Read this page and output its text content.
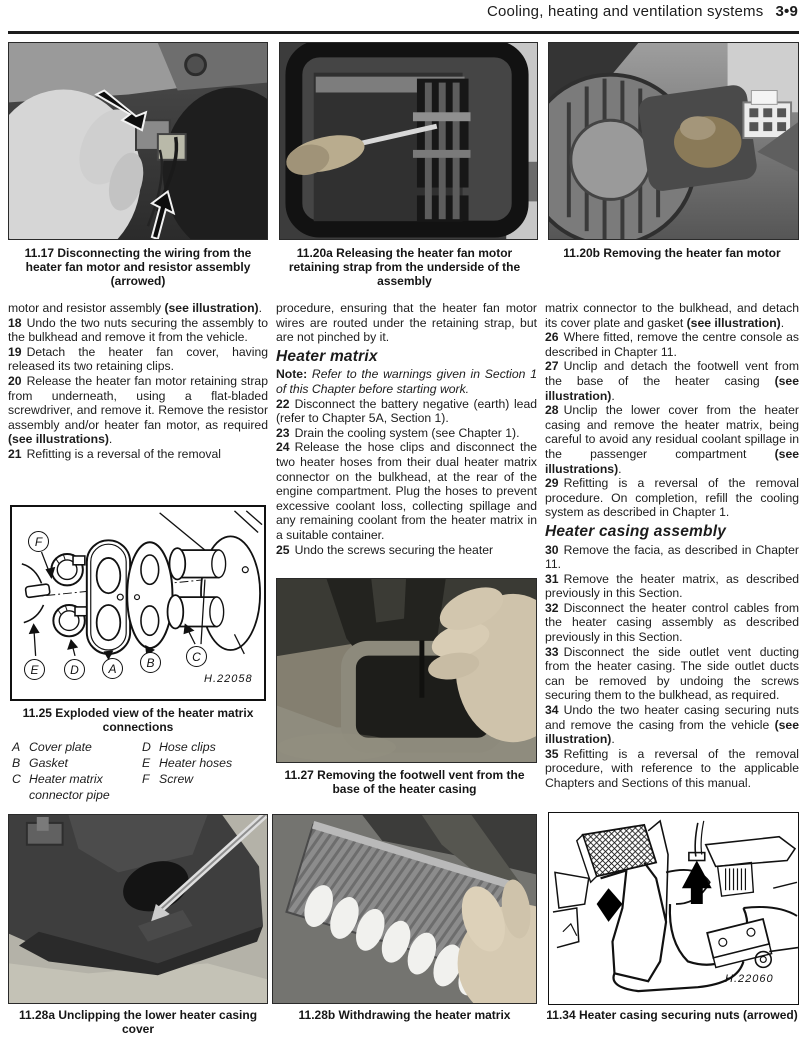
Cooling, heating and ventilation systems 3•9
11.17 Disconnecting the wiring from the heater fan motor and resistor assembly (arrowed)
11.20a Releasing the heater fan motor retaining strap from the underside of the assembly
11.20b Removing the heater fan motor

motor and resistor assembly (see illustration).

18 Undo the two nuts securing the assembly to the bulkhead and remove it from the vehicle.

19 Detach the heater fan cover, having released its two retaining clips.

20 Release the heater fan motor retaining strap from underneath, using a flat-bladed screwdriver, and remove it. Remove the resistor assembly and/or heater fan motor, as required (see illustrations).

21 Refitting is a reversal of the removal

F
E	D	A	B	C
H.22058
11.25 Exploded view of the heater matrix connections
A Cover plate
B Gasket
C Heater matrix connector pipe
D Hose clips
E Heater hoses
F Screw

procedure, ensuring that the heater fan motor wires are routed under the retaining strap, but are not pinched by it.

Heater matrix

Note: Refer to the warnings given in Section 1 of this Chapter before starting work.

22 Disconnect the battery negative (earth) lead (refer to Chapter 5A, Section 1).

23 Drain the cooling system (see Chapter 1).

24 Release the hose clips and disconnect the two heater hoses from their dual heater matrix connector on the bulkhead, at the rear of the engine compartment. Plug the hoses to prevent excessive coolant loss, collecting spillage and any remaining coolant from the heater matrix in a suitable container.

25 Undo the screws securing the heater

11.27 Removing the footwell vent from the base of the heater casing

matrix connector to the bulkhead, and detach its cover plate and gasket (see illustration).

26 Where fitted, remove the centre console as described in Chapter 11.

27 Unclip and detach the footwell vent from the base of the heater casing (see illustration).

28 Unclip the lower cover from the heater casing and remove the heater matrix, being careful to avoid any residual coolant spillage in the passenger compartment (see illustrations).

29 Refitting is a reversal of the removal procedure. On completion, refill the cooling system as described in Chapter 1.

Heater casing assembly

30 Remove the facia, as described in Chapter 11.

31 Remove the heater matrix, as described previously in this Section.

32 Disconnect the heater control cables from the heater casing assembly as described previously in this Section.

33 Disconnect the side outlet vent ducting from the heater casing. The side outlet ducts can be removed by undoing the screws securing them to the bulkhead, as required.

34 Undo the two heater casing securing nuts and remove the casing from the vehicle (see illustration).

35 Refitting is a reversal of the removal procedure, with reference to the applicable Chapters and Sections of this manual.

11.28a Unclipping the lower heater casing cover
11.28b Withdrawing the heater matrix
H.22060
11.34 Heater casing securing nuts (arrowed)
